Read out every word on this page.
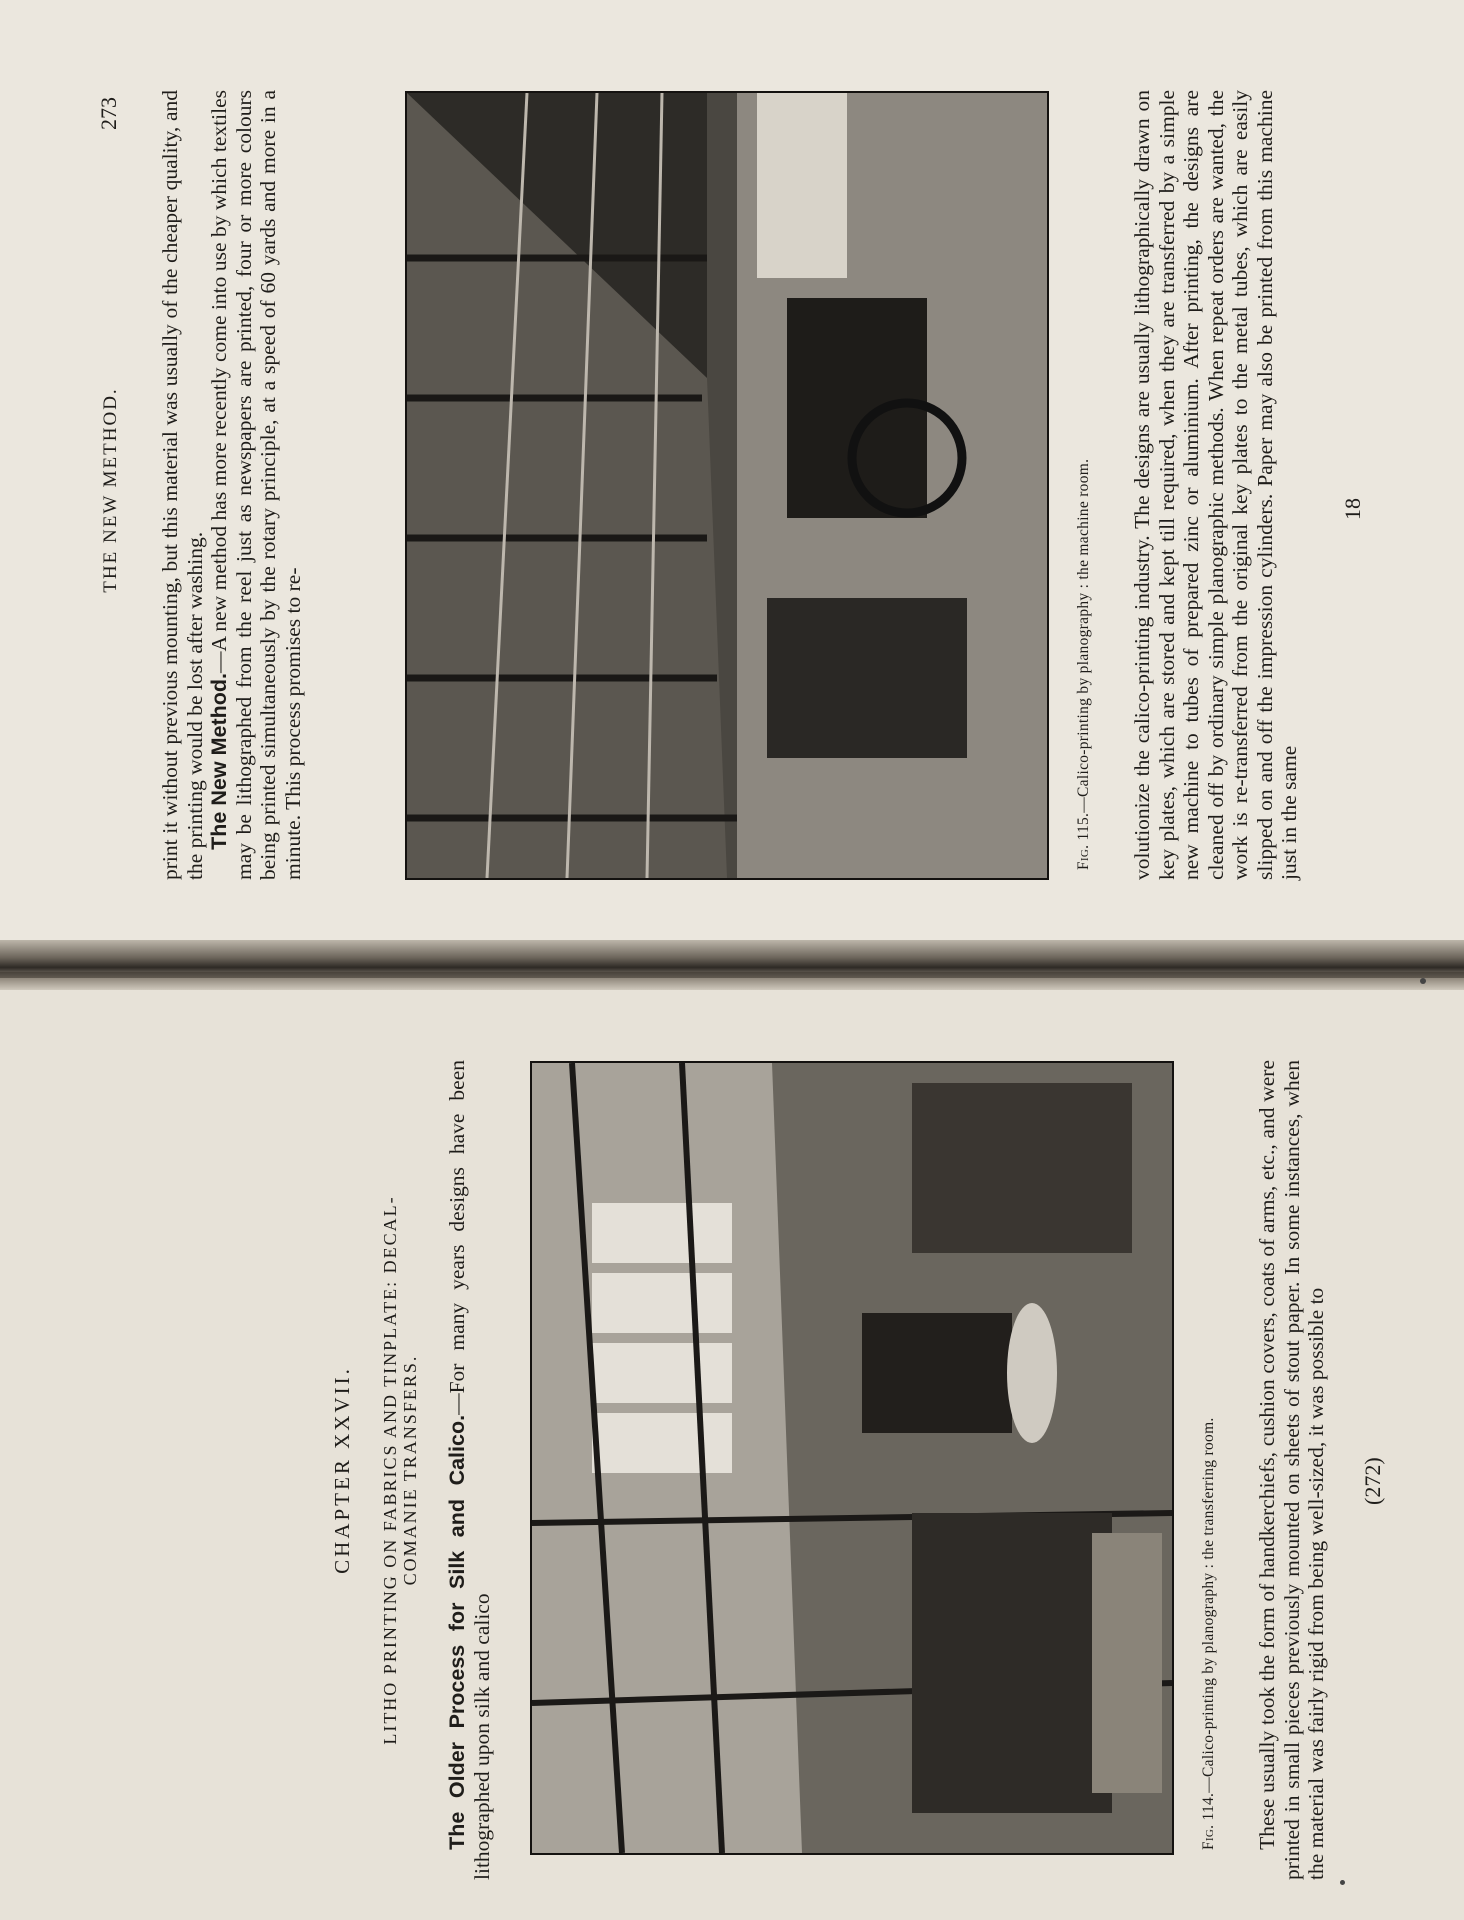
THE NEW METHOD.
273 print it without previous mounting, but this material was usually of the cheaper quality, and the printing would be lost after washing. The New Method.—A new method has more recently come into use by which textiles may be lithographed from the reel just as newspapers are printed, four or more colours being printed simultaneously by the rotary principle, at a speed of 60 yards and more in a minute. This process promises to re-	Fig. 115.—Calico-printing by planography : the machine room. volutionize the calico-printing industry. The designs are usually lithographically drawn on key plates, which are stored and kept till required, when they are transferred by a simple new machine to tubes of prepared zinc or aluminium. After printing, the designs are cleaned off by ordinary simple planographic methods. When repeat orders are wanted, the work is re-transferred from the original key plates to the metal tubes, which are easily slipped on and off the impression cylinders. Paper may also be printed from this machine just in the same

18
CHAPTER XXVII. LITHO PRINTING ON FABRICS AND TINPLATE: DECAL- COMANIE TRANSFERS. The Older Process for Silk and Calico.—For many years designs have been lithographed upon silk and calico	Fig. 114.—Calico-printing by planography : the transferring room. These usually took the form of handkerchiefs, cushion covers, coats of arms, etc., and were printed in small pieces previously mounted on sheets of stout paper. In some instances, when the material was fairly rigid from being well-sized, it was possible to (272)
